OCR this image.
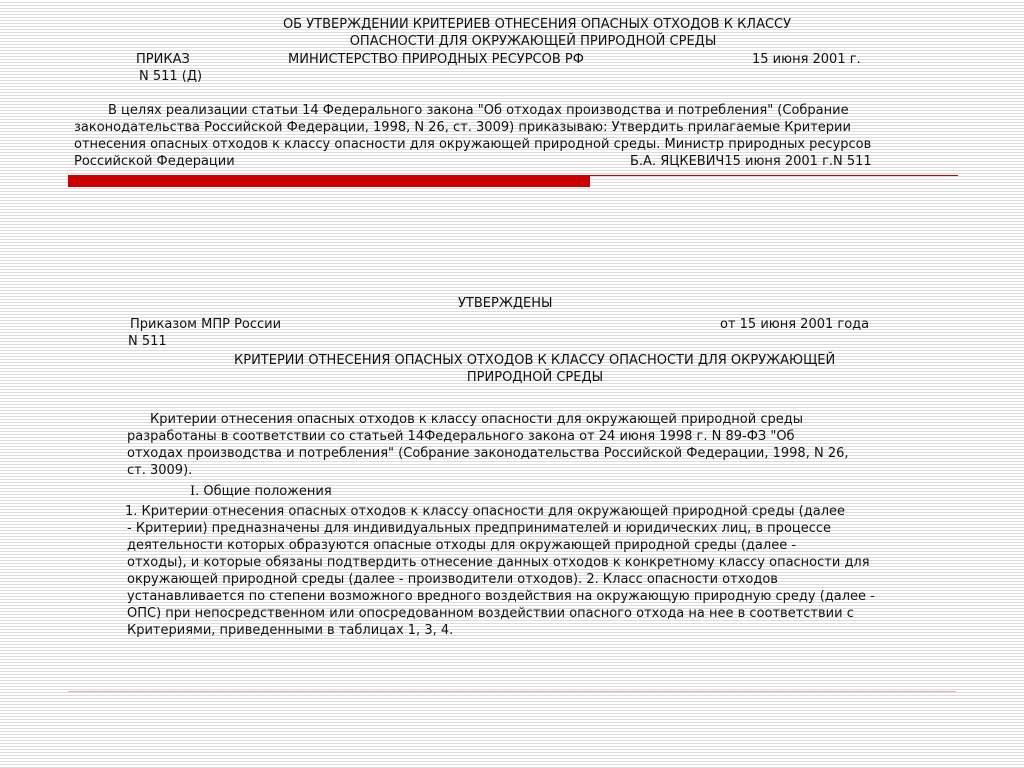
ОБ УТВЕРЖДЕНИИ КРИТЕРИЕВ ОТНЕСЕНИЯ ОПАСНЫХ ОТХОДОВ К КЛАССУ
ОПАСНОСТИ ДЛЯ ОКРУЖАЮЩЕЙ ПРИРОДНОЙ СРЕДЫ
ПРИКАЗ	МИНИСТЕРСТВО ПРИРОДНЫХ РЕСУРСОВ РФ	15 июня 2001 г.
N 511 (Д)
В целях реализации статьи 14 Федерального закона "Об отходах производства и потребления" (Собрание
законодательства Российской Федерации, 1998, N 26, ст. 3009) приказываю: Утвердить прилагаемые Критерии
отнесения опасных отходов к классу опасности для окружающей природной среды. Министр природных ресурсов
Российской Федерации	Б.А. ЯЦКЕВИЧ15 июня 2001 г.N 511
УТВЕРЖДЕНЫ
Приказом МПР России	от 15 июня 2001 года
N 511
КРИТЕРИИ ОТНЕСЕНИЯ ОПАСНЫХ ОТХОДОВ К КЛАССУ ОПАСНОСТИ ДЛЯ ОКРУЖАЮЩЕЙ
ПРИРОДНОЙ СРЕДЫ
Критерии отнесения опасных отходов к классу опасности для окружающей природной среды
разработаны в соответствии со статьей 14Федерального закона от 24 июня 1998 г. N 89-ФЗ "Об
отходах производства и потребления" (Собрание законодательства Российской Федерации, 1998, N 26,
ст. 3009).
I. Общие положения
1. Критерии отнесения опасных отходов к классу опасности для окружающей природной среды (далее
- Критерии) предназначены для индивидуальных предпринимателей и юридических лиц, в процессе
деятельности которых образуются опасные отходы для окружающей природной среды (далее -
отходы), и которые обязаны подтвердить отнесение данных отходов к конкретному классу опасности для
окружающей природной среды (далее - производители отходов). 2. Класс опасности отходов
устанавливается по степени возможного вредного воздействия на окружающую природную среду (далее -
ОПС) при непосредственном или опосредованном воздействии опасного отхода на нее в соответствии с
Критериями, приведенными в таблицах 1, 3, 4.
